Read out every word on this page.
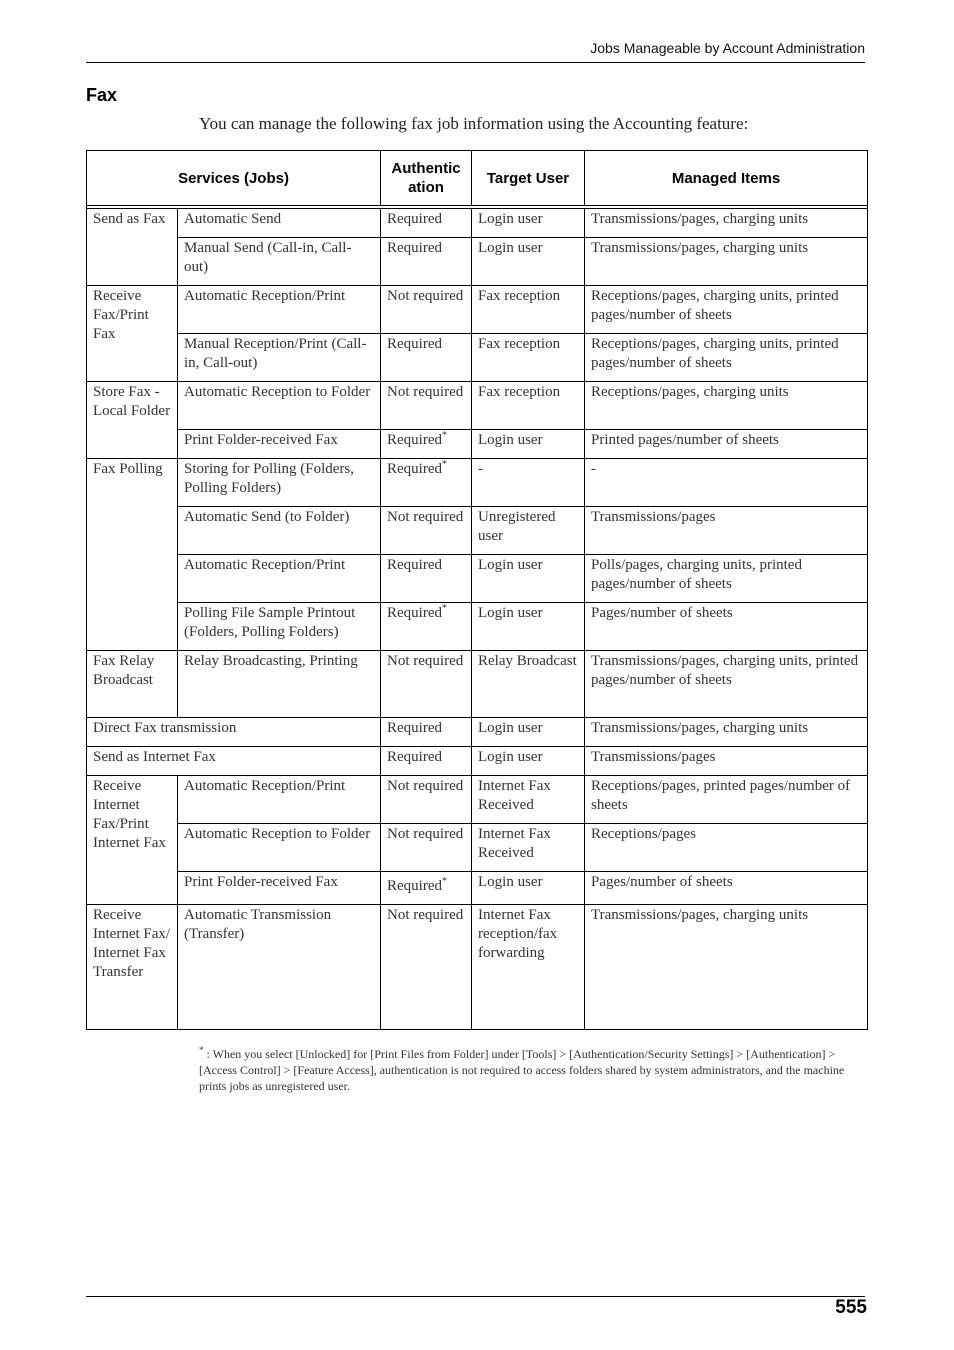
Jobs Manageable by Account Administration
Fax
You can manage the following fax job information using the Accounting feature:
Services (Jobs)		Authentic ation	Target User	Managed Items

Send as Fax	Automatic Send	Required	Login user	Transmissions/pages, charging units
	Manual Send (Call-in, Call-out)	Required	Login user	Transmissions/pages, charging units
Receive Fax/Print Fax	Automatic Reception/Print	Not required	Fax reception	Receptions/pages, charging units, printed pages/number of sheets
	Manual Reception/Print (Call-in, Call-out)	Required	Fax reception	Receptions/pages, charging units, printed pages/number of sheets
Store Fax - Local Folder	Automatic Reception to Folder	Not required	Fax reception	Receptions/pages, charging units
	Print Folder-received Fax	Required*	Login user	Printed pages/number of sheets
Fax Polling	Storing for Polling (Folders, Polling Folders)	Required*	-	-
	Automatic Send (to Folder)	Not required	Unregistered user	Transmissions/pages
	Automatic Reception/Print	Required	Login user	Polls/pages, charging units, printed pages/number of sheets
	Polling File Sample Printout (Folders, Polling Folders)	Required*	Login user	Pages/number of sheets
Fax Relay Broadcast	Relay Broadcasting, Printing	Not required	Relay Broadcast	Transmissions/pages, charging units, printed pages/number of sheets
Direct Fax transmission		Required	Login user	Transmissions/pages, charging units
Send as Internet Fax		Required	Login user	Transmissions/pages
Receive Internet Fax/Print Internet Fax	Automatic Reception/Print	Not required	Internet Fax Received	Receptions/pages, printed pages/number of sheets
	Automatic Reception to Folder	Not required	Internet Fax Received	Receptions/pages
	Print Folder-received Fax	Required*	Login user	Pages/number of sheets
Receive Internet Fax/ Internet Fax Transfer	Automatic Transmission (Transfer)	Not required	Internet Fax reception/fax forwarding	Transmissions/pages, charging units
* : When you select [Unlocked] for [Print Files from Folder] under [Tools] > [Authentication/Security Settings] > [Authentication] > [Access Control] > [Feature Access], authentication is not required to access folders shared by system administrators, and the machine prints jobs as unregistered user.
555
